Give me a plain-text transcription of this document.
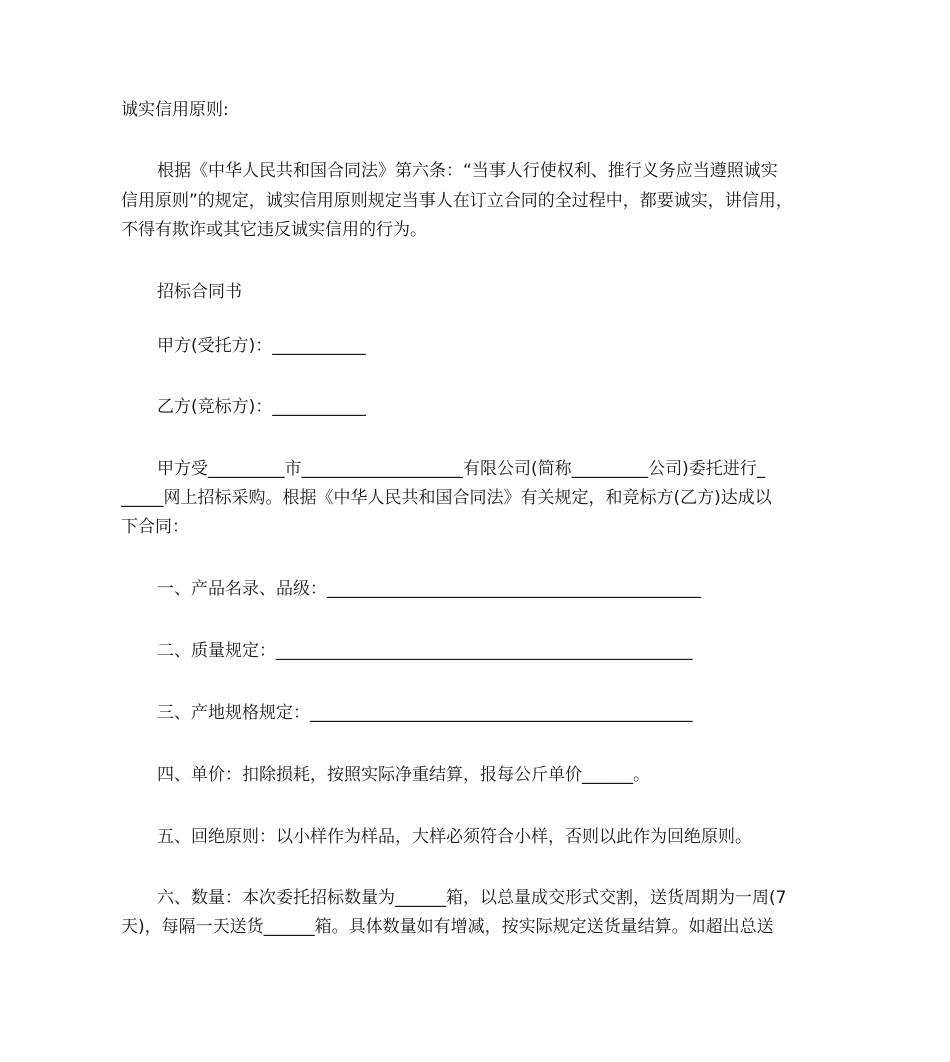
诚实信用原则:
根据《中华人民共和国合同法》第六条：“当事人行使权利、推行义务应当遵照诚实
信用原则”的规定，诚实信用原则规定当事人在订立合同的全过程中，都要诚实，讲信用，
不得有欺诈或其它违反诚实信用的行为。
招标合同书
甲方(受托方)：___________
乙方(竞标方)：___________
甲方受_________市___________________有限公司(简称_________公司)委托进行_
_____网上招标采购。根据《中华人民共和国合同法》有关规定，和竞标方(乙方)达成以
下合同：
一、产品名录、品级：____________________________________________
二、质量规定：_________________________________________________
三、产地规格规定：_____________________________________________
四、单价：扣除损耗，按照实际净重结算，报每公斤单价______。
五、回绝原则：以小样作为样品，大样必须符合小样，否则以此作为回绝原则。
六、数量：本次委托招标数量为______箱，以总量成交形式交割，送货周期为一周(7
天)，每隔一天送货______箱。具体数量如有增减，按实际规定送货量结算。如超出总送
